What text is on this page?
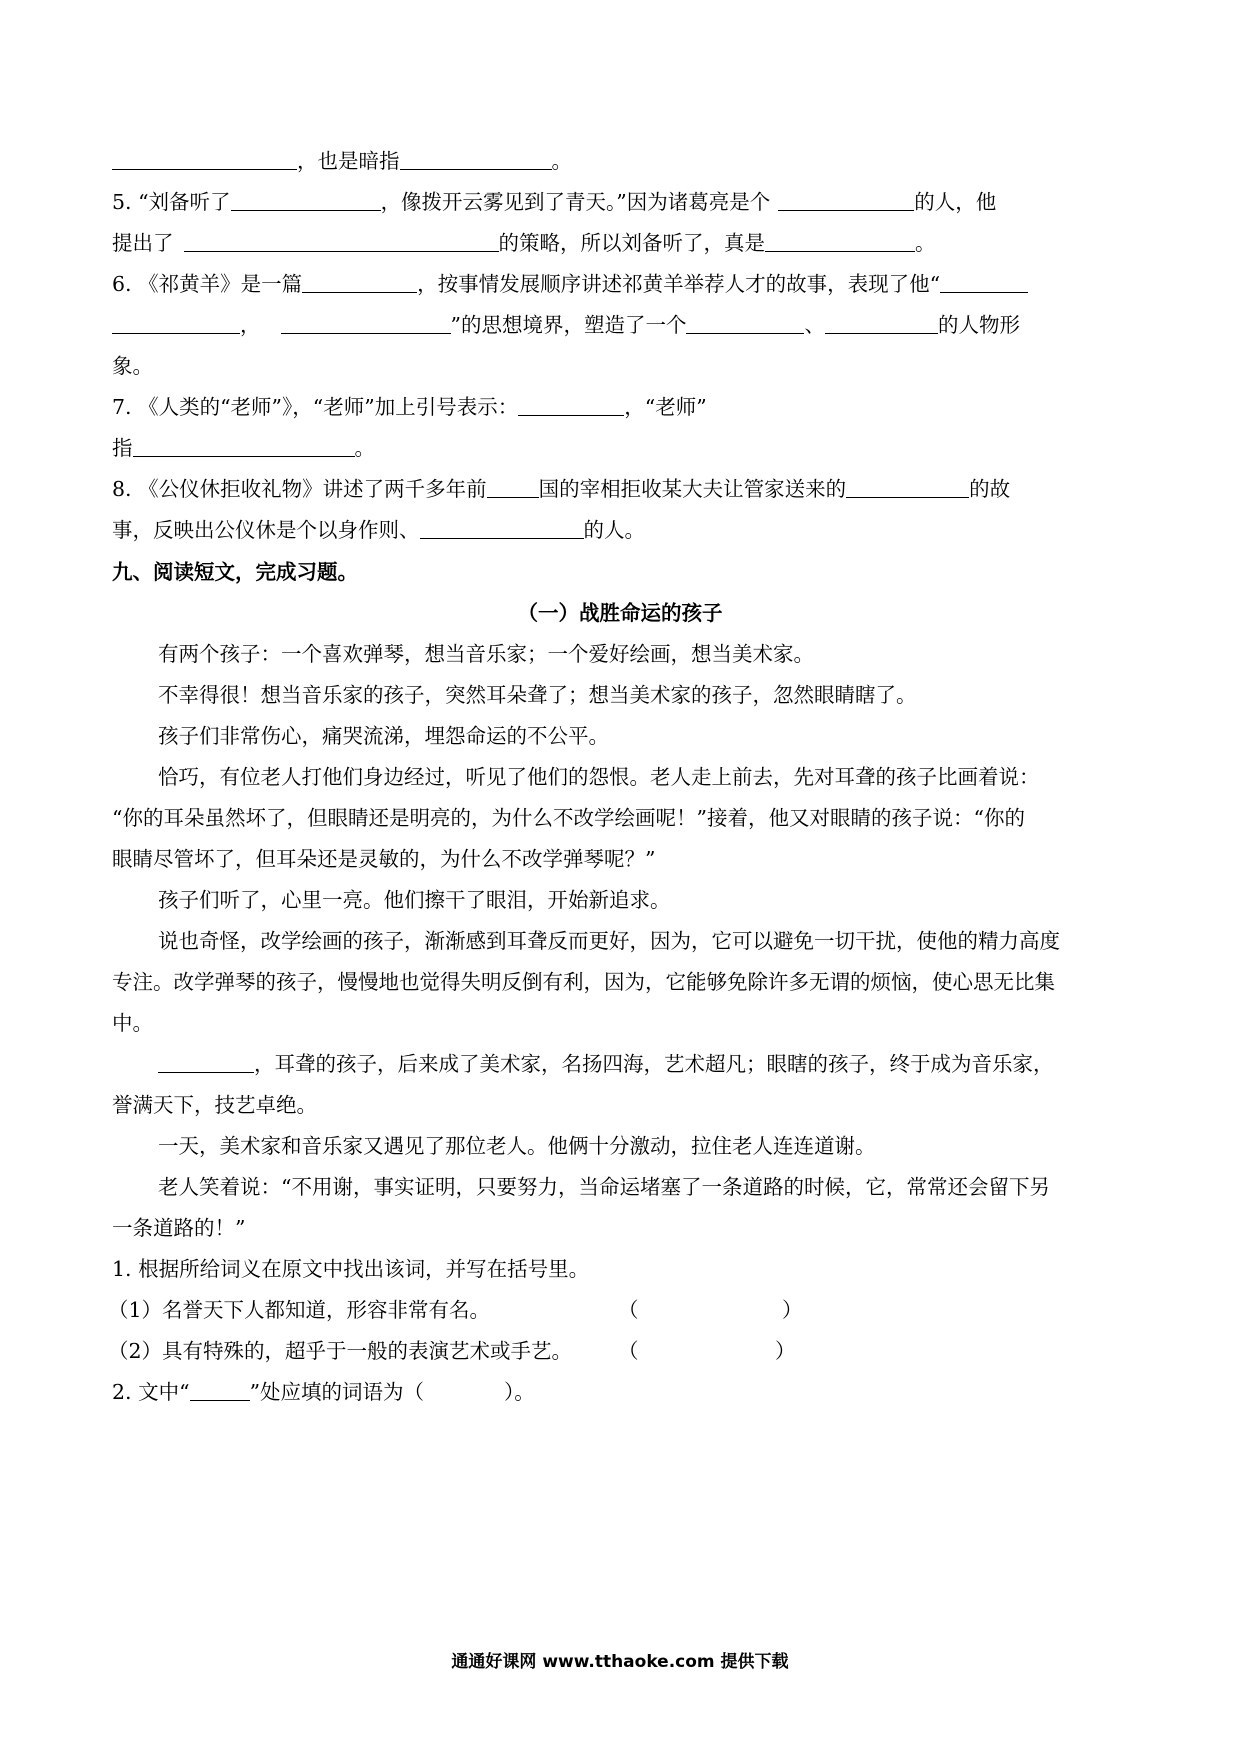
，也是暗指	。
5. “刘备听了	，像拨开云雾见到了青天。”因为诸葛亮是个	的人，他
提出了	的策略，所以刘备听了，真是	。
6. 《祁黄羊》是一篇	，按事情发展顺序讲述祁黄羊举荐人才的故事，表现了他“
，	”的思想境界，塑造了一个	、	的人物形
象。
7. 《人类的“老师”》，“老师”加上引号表示：	，“老师”
指	。
8. 《公仪休拒收礼物》讲述了两千多年前	国的宰相拒收某大夫让管家送来的	的故
事，反映出公仪休是个以身作则、	的人。
九、阅读短文，完成习题。
（一）战胜命运的孩子
有两个孩子：一个喜欢弹琴，想当音乐家；一个爱好绘画，想当美术家。
不幸得很！想当音乐家的孩子，突然耳朵聋了；想当美术家的孩子，忽然眼睛瞎了。
孩子们非常伤心，痛哭流涕，埋怨命运的不公平。
恰巧，有位老人打他们身边经过，听见了他们的怨恨。老人走上前去，先对耳聋的孩子比画着说：
“你的耳朵虽然坏了，但眼睛还是明亮的，为什么不改学绘画呢！”接着，他又对眼睛的孩子说：“你的
眼睛尽管坏了，但耳朵还是灵敏的，为什么不改学弹琴呢？”
孩子们听了，心里一亮。他们擦干了眼泪，开始新追求。
说也奇怪，改学绘画的孩子，渐渐感到耳聋反而更好，因为，它可以避免一切干扰，使他的精力高度
专注。改学弹琴的孩子，慢慢地也觉得失明反倒有利，因为，它能够免除许多无谓的烦恼，使心思无比集
中。
，耳聋的孩子，后来成了美术家，名扬四海，艺术超凡；眼瞎的孩子，终于成为音乐家，
誉满天下，技艺卓绝。
一天，美术家和音乐家又遇见了那位老人。他俩十分激动，拉住老人连连道谢。
老人笑着说：“不用谢，事实证明，只要努力，当命运堵塞了一条道路的时候，它，常常还会留下另
一条道路的！”
1. 根据所给词义在原文中找出该词，并写在括号里。
（1）名誉天下人都知道，形容非常有名。	（	）
（2）具有特殊的，超乎于一般的表演艺术或手艺。 （	）
2. 文中“	”处应填的词语为（	）。
通通好课网 www.tthaoke.com 提供下载
